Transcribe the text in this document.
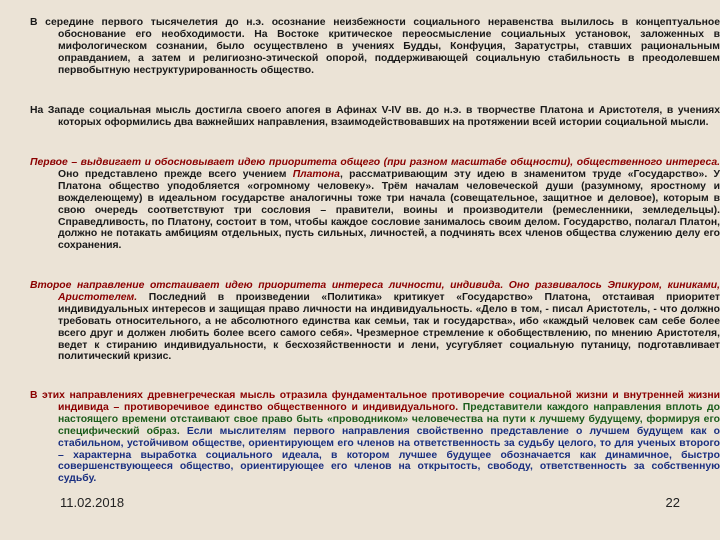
В середине первого тысячелетия до н.э. осознание неизбежности социального неравенства вылилось в концептуальное обоснование его необходимости. На Востоке критическое переосмысление социальных установок, заложенных в мифологическом сознании, было осуществлено в учениях Будды, Конфуция, Заратустры, ставших рациональным оправданием, а затем и религиозно-этической опорой, поддерживающей социальную стабильность в преодолевшем первобытную неструктурированность общество.
На Западе социальная мысль достигла своего апогея в Афинах V-IV вв. до н.э. в творчестве Платона и Аристотеля, в учениях которых оформились два важнейших направления, взаимодействовавших на протяжении всей истории социальной мысли.
Первое – выдвигает и обосновывает идею приоритета общего (при разном масштабе общности), общественного интереса. Оно представлено прежде всего учением Платона, рассматривающим эту идею в знаменитом труде «Государство». У Платона общество уподобляется «огромному человеку». Трём началам человеческой души (разумному, яростному и вожделеющему) в идеальном государстве аналогичны тоже три начала (совещательное, защитное и деловое), которым в свою очередь соответствуют три сословия – правители, воины и производители (ремесленники, земледельцы). Справедливость, по Платону, состоит в том, чтобы каждое сословие занималось своим делом. Государство, полагал Платон, должно не потакать амбициям отдельных, пусть сильных, личностей, а подчинять всех членов общества служению делу его сохранения.
Второе направление отстаивает идею приоритета интереса личности, индивида. Оно развивалось Эпикуром, киниками, Аристотелем. Последний в произведении «Политика» критикует «Государство» Платона, отстаивая приоритет индивидуальных интересов и защищая право личности на индивидуальность. «Дело в том, - писал Аристотель, - что должно требовать относительного, а не абсолютного единства как семьи, так и государства», ибо «каждый человек сам себе более всего друг и должен любить более всего самого себя». Чрезмерное стремление к обобществлению, по мнению Аристотеля, ведет к стиранию индивидуальности, к бесхозяйственности и лени, усугубляет социальную путаницу, подготавливает политический кризис.
В этих направлениях древнегреческая мысль отразила фундаментальное противоречие социальной жизни и внутренней жизни индивида – противоречивое единство общественного и индивидуального. Представители каждого направления вплоть до настоящего времени отстаивают свое право быть «проводником» человечества на пути к лучшему будущему, формируя его специфический образ. Если мыслителям первого направления свойственно представление о лучшем будущем как о стабильном, устойчивом обществе, ориентирующем его членов на ответственность за судьбу целого, то для ученых второго – характерна выработка социального идеала, в котором лучшее будущее обозначается как динамичное, быстро совершенствующееся общество, ориентирующее его членов на открытость, свободу, ответственность за собственную судьбу.
11.02.2018	22
